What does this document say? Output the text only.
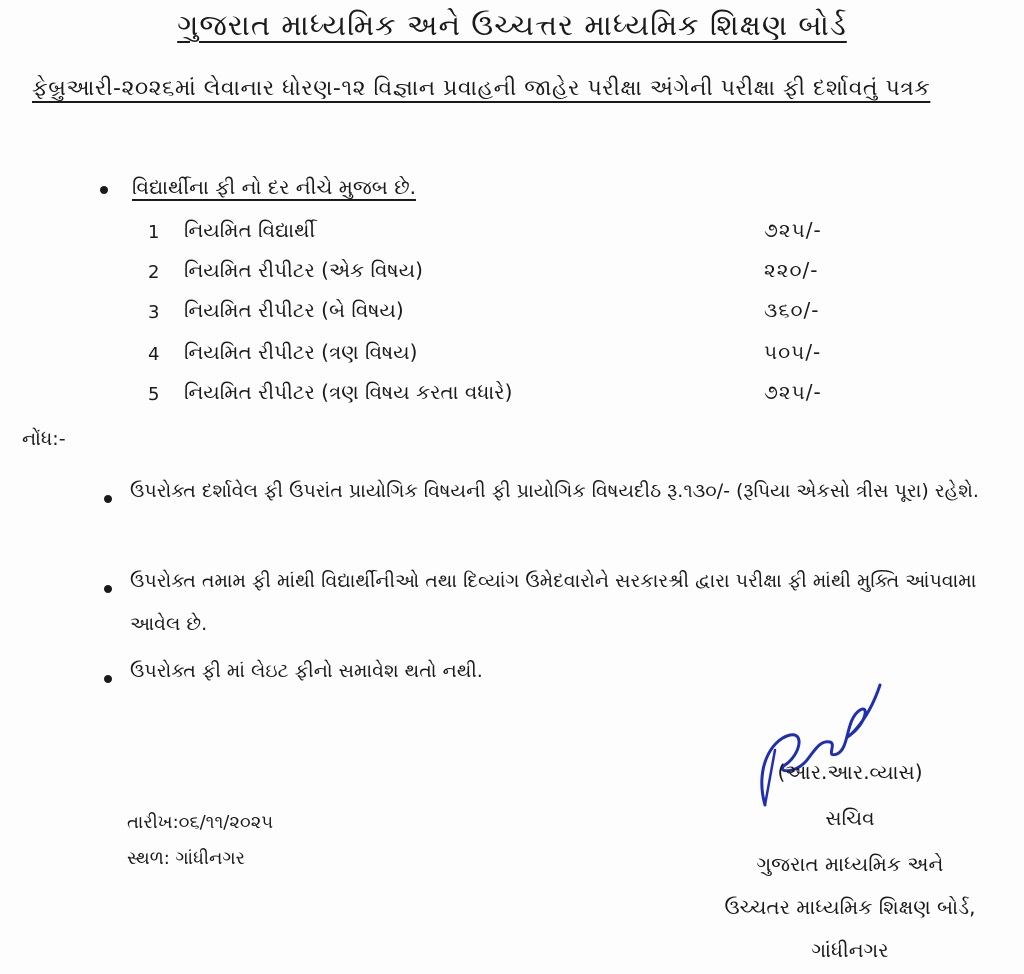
ગુજરાત માધ્યમિક અને ઉચ્ચત્તર માધ્યમિક શિક્ષણ બોર્ડ
ફેબ્રુઆરી-૨૦૨૬માં લેવાનાર ધોરણ-૧૨ વિજ્ઞાન પ્રવાહની જાહેર પરીક્ષા અંગેની પરીક્ષા ફી દર્શાવતું પત્રક
વિદ્યાર્થીના ફી નો દર નીચે મુજબ છે.
1 નિયમિત વિદ્યાર્થી	૭૨૫/-
2 નિયમિત રીપીટર (એક વિષય)	૨૨૦/-
3 નિયમિત રીપીટર (બે વિષય)	૩૬૦/-
4 નિયમિત રીપીટર (ત્રણ વિષય)	૫૦૫/-
5 નિયમિત રીપીટર (ત્રણ વિષય કરતા વધારે)	૭૨૫/-
નોંધ:-
ઉપરોક્ત દર્શાવેલ ફી ઉપરાંત પ્રાયોગિક વિષયની ફી પ્રાયોગિક વિષયદીઠ રૂ.૧૩૦/- (રૂપિયા એકસો ત્રીસ પૂરા) રહેશે.
ઉપરોક્ત તમામ ફી માંથી વિદ્યાર્થીનીઓ તથા દિવ્યાંગ ઉમેદવારોને સરકારશ્રી દ્વારા પરીક્ષા ફી માંથી મુક્તિ આંપવામા આવેલ છે.
ઉપરોક્ત ફી માં લેઇટ ફીનો સમાવેશ થતો નથી.
(આર.આર.વ્યાસ)
સચિવ
ગુજરાત માધ્યમિક અને
ઉચ્ચતર માધ્યમિક શિક્ષણ બોર્ડ,
ગાંધીનગર
તારીખ:૦૬/૧૧/૨૦૨૫
સ્થળ: ગાંધીનગર
